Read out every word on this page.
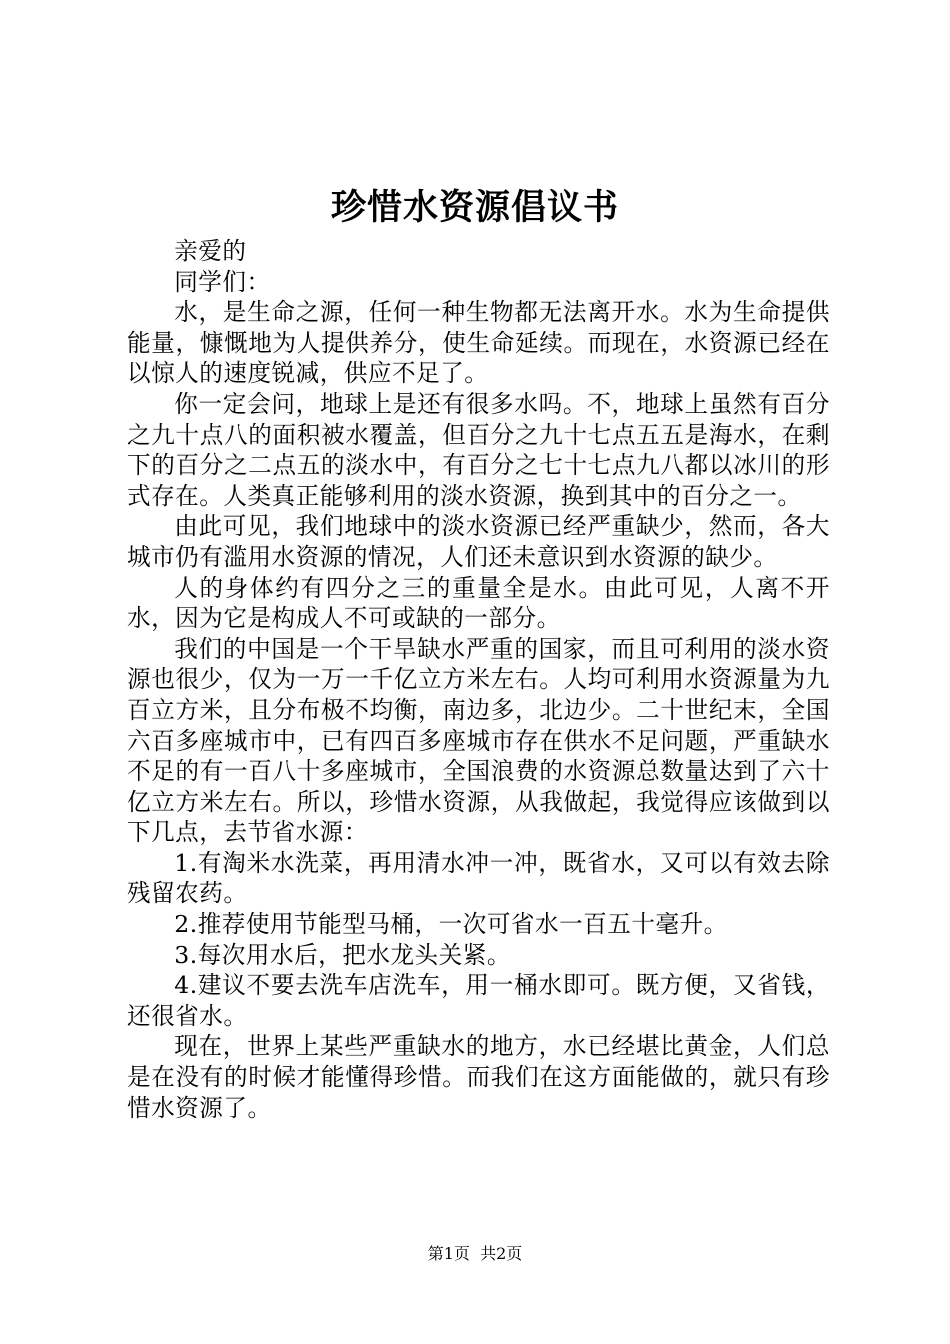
珍惜水资源倡议书

亲爱的

同学们：

水，是生命之源，任何一种生物都无法离开水。水为生命提供能量，慷慨地为人提供养分，使生命延续。而现在，水资源已经在以惊人的速度锐减，供应不足了。

你一定会问，地球上是还有很多水吗。不，地球上虽然有百分之九十点八的面积被水覆盖，但百分之九十七点五五是海水，在剩下的百分之二点五的淡水中，有百分之七十七点九八都以冰川的形式存在。人类真正能够利用的淡水资源，换到其中的百分之一。

由此可见，我们地球中的淡水资源已经严重缺少，然而，各大城市仍有滥用水资源的情况，人们还未意识到水资源的缺少。

人的身体约有四分之三的重量全是水。由此可见，人离不开水，因为它是构成人不可或缺的一部分。

我们的中国是一个干旱缺水严重的国家，而且可利用的淡水资源也很少，仅为一万一千亿立方米左右。人均可利用水资源量为九百立方米，且分布极不均衡，南边多，北边少。二十世纪末，全国六百多座城市中，已有四百多座城市存在供水不足问题，严重缺水不足的有一百八十多座城市，全国浪费的水资源总数量达到了六十亿立方米左右。所以，珍惜水资源，从我做起，我觉得应该做到以下几点，去节省水源：

1.有淘米水洗菜，再用清水冲一冲，既省水，又可以有效去除残留农药。

2.推荐使用节能型马桶，一次可省水一百五十毫升。

3.每次用水后，把水龙头关紧。

4.建议不要去洗车店洗车，用一桶水即可。既方便，又省钱，还很省水。

现在，世界上某些严重缺水的地方，水已经堪比黄金，人们总是在没有的时候才能懂得珍惜。而我们在这方面能做的，就只有珍惜水资源了。

第1页  共2页
